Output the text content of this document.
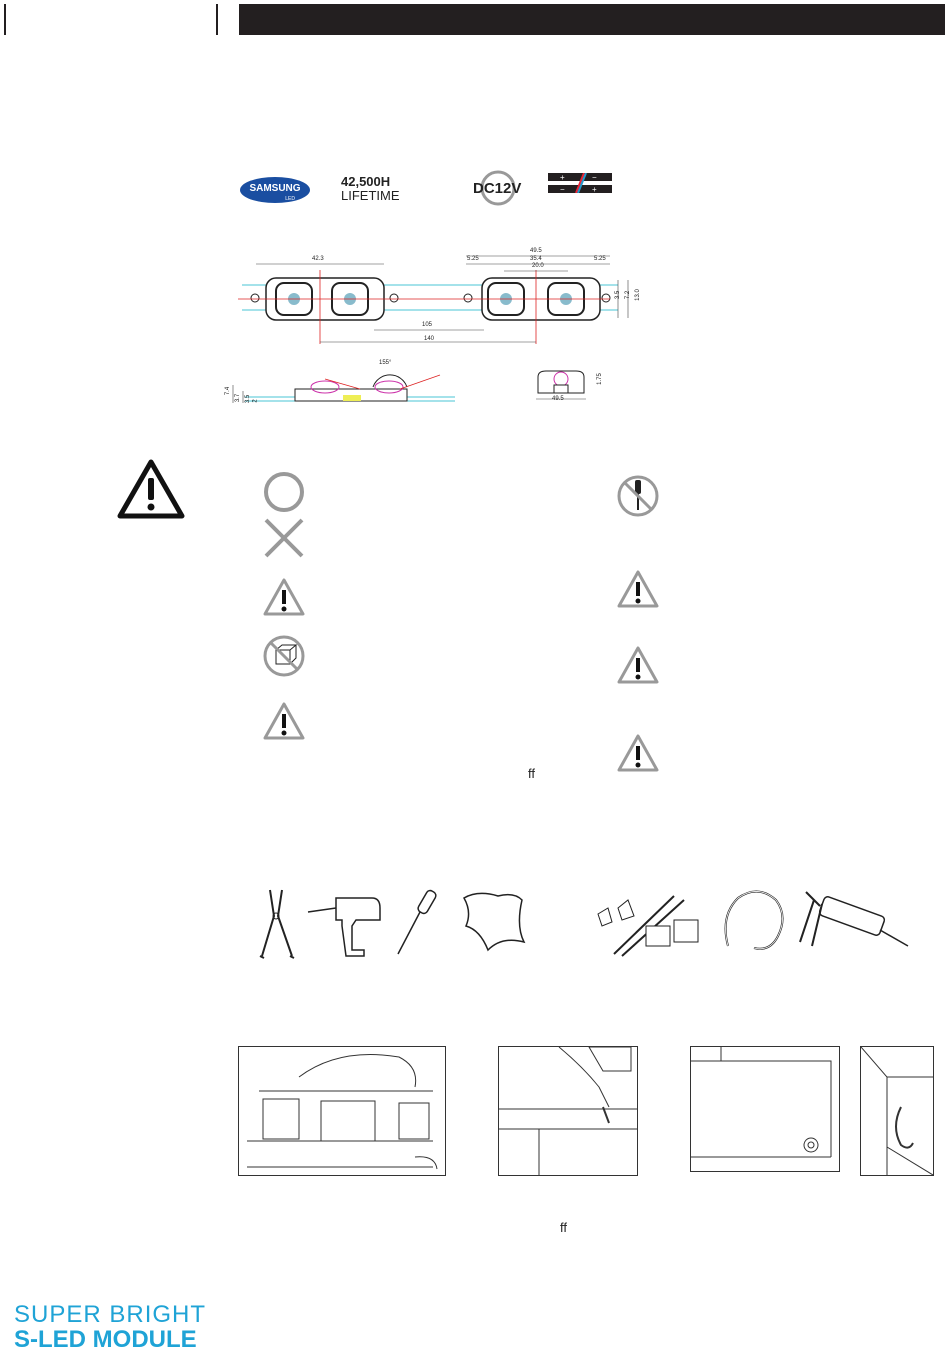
SAMSUNG
LED
42,500H
LIFETIME	DC12V
+	−
−	+
42.3
49.5
5.25	35.4
20.0
5.25
105
140
3.5 7.2 13.0
155°
7.4
3.7 3.5 2	49.5
1.75
ff
ff
SUPER BRIGHT
S-LED MODULE
